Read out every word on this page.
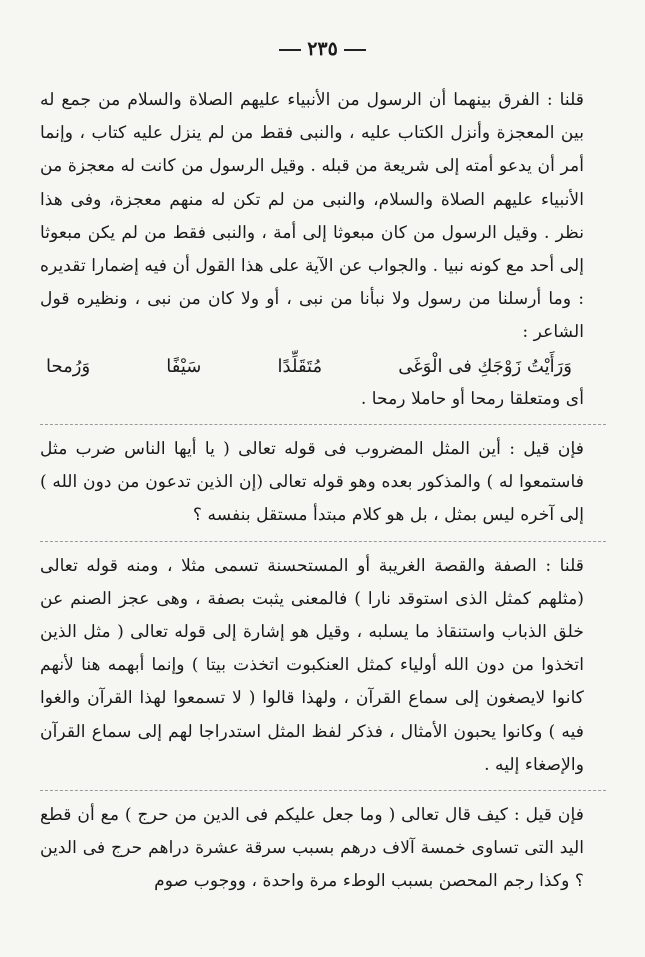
٢٣٥

قلنا : الفرق بينهما أن الرسول من الأنبياء عليهم الصلاة والسلام من جمع له بين المعجزة وأنزل الكتاب عليه ، والنبى فقط من لم ينزل عليه كتاب ، وإنما أمر أن يدعو أمته إلى شريعة من قبله . وقيل الرسول من كانت له معجزة من الأنبياء عليهم الصلاة والسلام، والنبى من لم تكن له منهم معجزة، وفى هذا نظر . وقيل الرسول من كان مبعوثا إلى أمة ، والنبى فقط من لم يكن مبعوثا إلى أحد مع كونه نبيا . والجواب عن الآية على هذا القول أن فيه إضمارا تقديره : وما أرسلنا من رسول ولا نبأنا من نبى ، أو ولا كان من نبى ، ونظيره قول الشاعر :

وَرَأَيْتُ زَوْجَكِ فى الْوَغَى
مُتَقَلِّدًا
سَيْفًا
وَرُمحا

أى ومتعلقا رمحا أو حاملا رمحا .

فإن قيل : أين المثل المضروب فى قوله تعالى ( يا أيها الناس ضرب مثل فاستمعوا له ) والمذكور بعده وهو قوله تعالى (إن الذين تدعون من دون الله ) إلى آخره ليس بمثل ، بل هو كلام مبتدأ مستقل بنفسه ؟

قلنا : الصفة والقصة الغريبة أو المستحسنة تسمى مثلا ، ومنه قوله تعالى (مثلهم كمثل الذى استوقد نارا ) فالمعنى يثبت بصفة ، وهى عجز الصنم عن خلق الذباب واستنقاذ ما يسلبه ، وقيل هو إشارة إلى قوله تعالى ( مثل الذين اتخذوا من دون الله أولياء كمثل العنكبوت اتخذت بيتا ) وإنما أبهمه هنا لأنهم كانوا لايصغون إلى سماع القرآن ، ولهذا قالوا ( لا تسمعوا لهذا القرآن والغوا فيه ) وكانوا يحبون الأمثال ، فذكر لفظ المثل استدراجا لهم إلى سماع القرآن والإصغاء إليه .

فإن قيل : كيف قال تعالى ( وما جعل عليكم فى الدين من حرج ) مع أن قطع اليد التى تساوى خمسة آلاف درهم بسبب سرقة عشرة دراهم حرج فى الدين ؟ وكذا رجم المحصن بسبب الوطء مرة واحدة ، ووجوب صوم
